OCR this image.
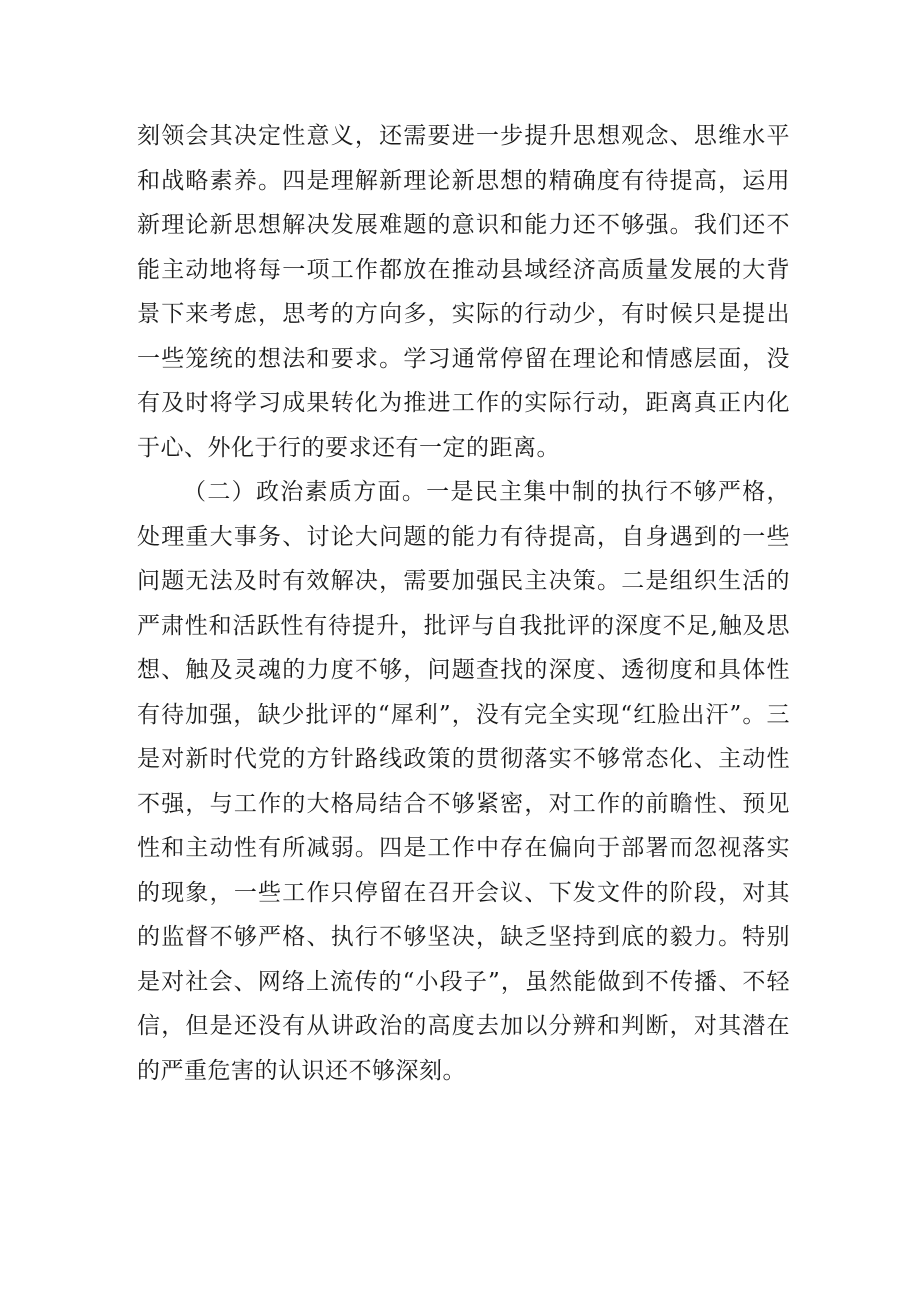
刻领会其决定性意义，还需要进一步提升思想观念、思维水平和战略素养。四是理解新理论新思想的精确度有待提高，运用新理论新思想解决发展难题的意识和能力还不够强。我们还不能主动地将每一项工作都放在推动县域经济高质量发展的大背景下来考虑，思考的方向多，实际的行动少，有时候只是提出一些笼统的想法和要求。学习通常停留在理论和情感层面，没有及时将学习成果转化为推进工作的实际行动，距离真正内化于心、外化于行的要求还有一定的距离。

（二）政治素质方面。一是民主集中制的执行不够严格，处理重大事务、讨论大问题的能力有待提高，自身遇到的一些问题无法及时有效解决，需要加强民主决策。二是组织生活的严肃性和活跃性有待提升，批评与自我批评的深度不足,触及思想、触及灵魂的力度不够，问题查找的深度、透彻度和具体性有待加强，缺少批评的“犀利”，没有完全实现“红脸出汗”。三是对新时代党的方针路线政策的贯彻落实不够常态化、主动性不强，与工作的大格局结合不够紧密，对工作的前瞻性、预见性和主动性有所减弱。四是工作中存在偏向于部署而忽视落实的现象，一些工作只停留在召开会议、下发文件的阶段，对其的监督不够严格、执行不够坚决，缺乏坚持到底的毅力。特别是对社会、网络上流传的“小段子”，虽然能做到不传播、不轻信，但是还没有从讲政治的高度去加以分辨和判断，对其潜在的严重危害的认识还不够深刻。
